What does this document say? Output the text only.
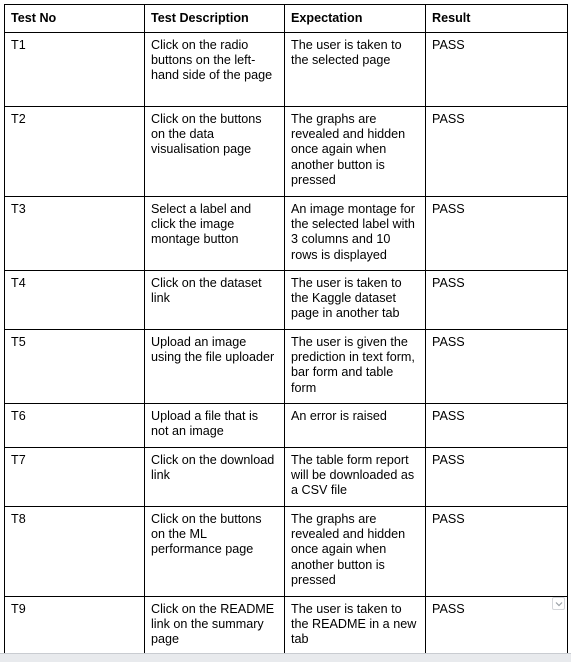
Test No	Test Description	Expectation	Result
T1	Click on the radio buttons on the left-hand side of the page	The user is taken to the selected page	PASS
T2	Click on the buttons on the data visualisation page	The graphs are revealed and hidden once again when another button is pressed	PASS
T3	Select a label and click the image montage button	An image montage for the selected label with 3 columns and 10 rows is displayed	PASS
T4	Click on the dataset link	The user is taken to the Kaggle dataset page in another tab	PASS
T5	Upload an image using the file uploader	The user is given the prediction in text form, bar form and table form	PASS
T6	Upload a file that is not an image	An error is raised	PASS
T7	Click on the download link	The table form report will be downloaded as a CSV file	PASS
T8	Click on the buttons on the ML performance page	The graphs are revealed and hidden once again when another button is pressed	PASS
T9	Click on the README link on the summary page	The user is taken to the README in a new tab	PASS
